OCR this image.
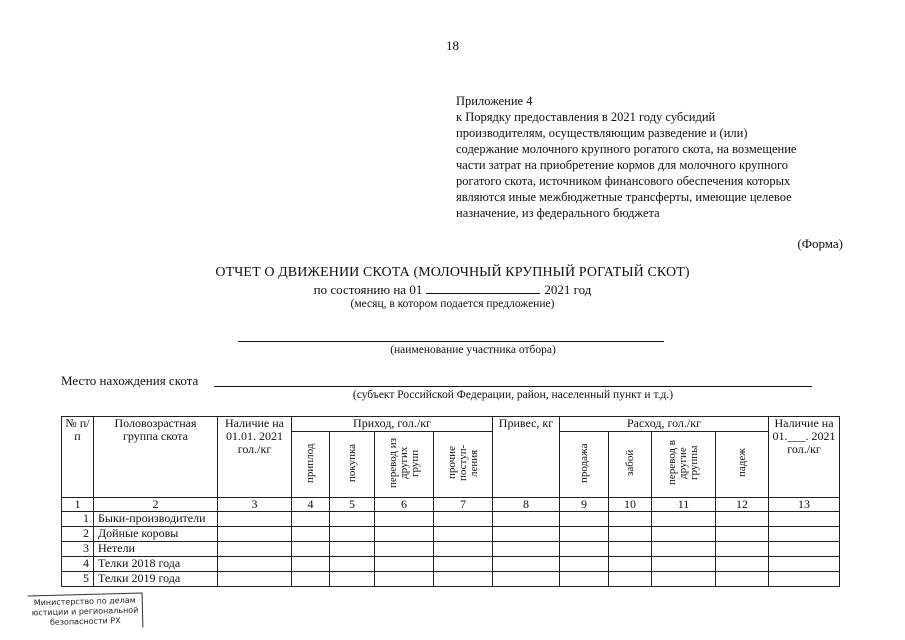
18
Приложение 4
к Порядку предоставления в 2021 году субсидий
производителям, осуществляющим разведение и (или)
содержание молочного крупного рогатого скота, на возмещение
части затрат на приобретение кормов для молочного крупного
рогатого скота, источником финансового обеспечения которых
являются иные межбюджетные трансферты, имеющие целевое
назначение, из федерального бюджета
(Форма)
ОТЧЕТ О ДВИЖЕНИИ СКОТА (МОЛОЧНЫЙ КРУПНЫЙ РОГАТЫЙ СКОТ)
по состоянию на 01	2021 год
(месяц, в котором подается предложение)
(наименование участника отбора)
Место нахождения скота
(субъект Российской Федерации, район, населенный пункт и т.д.)
№ п/п	Половозрастная группа скота	Наличие на 01.01. 2021 гол./кг	Приход, гол./кг				Привес, кг	Расход, гол./кг				Наличие на 01.___. 2021 гол./кг
			приплод	покупка	перевод из других групп	прочие поступ-ления		продажа	забой	перевод в другие группы	падеж	
1	2	3	4	5	6	7	8	9	10	11	12	13
1	Быки-производители											
2	Дойные коровы											
3	Нетели											
4	Телки 2018 года											
5	Телки 2019 года											
Министерство по делам
юстиции и региональной
безопасности РХ
